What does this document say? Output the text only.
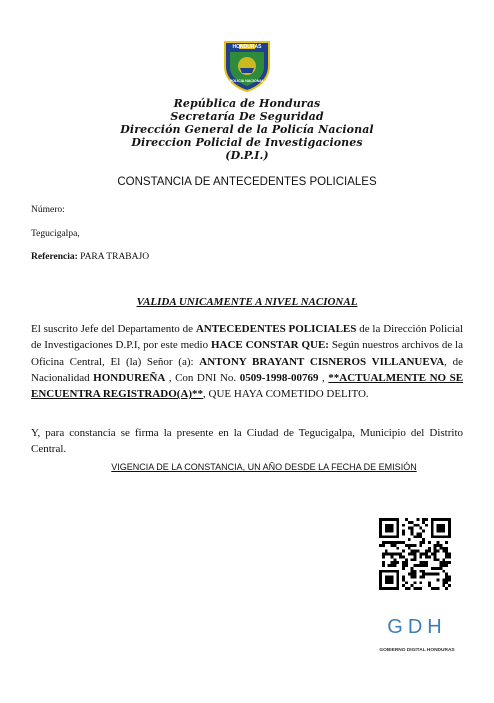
HONDURAS
POLICIA NACIONAL
República de Honduras
Secretaría De Seguridad
Dirección General de la Policía Nacional
Direccion Policial de Investigaciones
(D.P.I.)
CONSTANCIA DE ANTECEDENTES POLICIALES
Número:
Tegucigalpa,
Referencia: PARA TRABAJO
VALIDA UNICAMENTE A NIVEL NACIONAL
El suscrito Jefe del Departamento de ANTECEDENTES POLICIALES de la Dirección Policial de Investigaciones D.P.I, por este medio HACE CONSTAR QUE: Según nuestros archivos de la Oficina Central, El (la) Señor (a): ANTONY BRAYANT CISNEROS VILLANUEVA, de Nacionalidad HONDUREÑA , Con DNI No. 0509-1998-00769 , **ACTUALMENTE NO SE ENCUENTRA REGISTRADO(A)**, QUE HAYA COMETIDO DELITO.
Y, para constancia se firma la presente en la Ciudad de Tegucigalpa, Municipio del Distrito Central.
VIGENCIA DE LA CONSTANCIA, UN AÑO DESDE LA FECHA DE EMISIÓN
GDH
GOBIERNO DIGITAL HONDURAS
